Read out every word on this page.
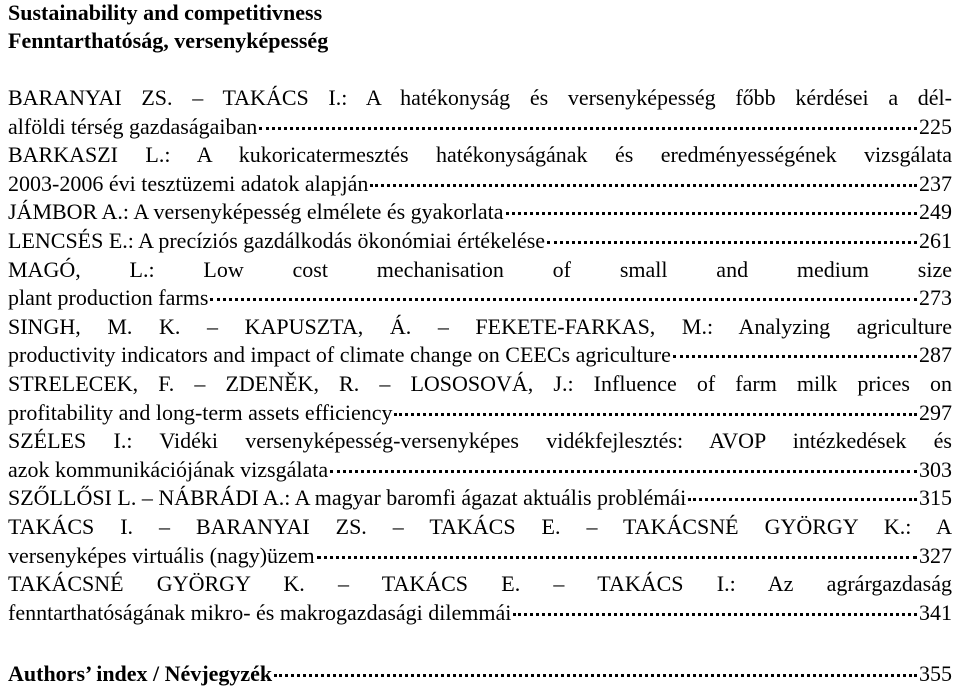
Sustainability and competitivness
Fenntarthatóság, versenyképesség
BARANYAI ZS. – TAKÁCS I.: A hatékonyság és versenyképesség főbb kérdései a dél-
alföldi térség gazdaságaiban	225
BARKASZI L.: A kukoricatermesztés hatékonyságának és eredményességének vizsgálata
2003-2006 évi tesztüzemi adatok alapján	237
JÁMBOR A.: A versenyképesség elmélete és gyakorlata	249
LENCSÉS E.: A precíziós gazdálkodás ökonómiai értékelése	261
MAGÓ, L.: Low cost mechanisation of small and medium size
plant production farms	273
SINGH, M. K. – KAPUSZTA, Á. – FEKETE-FARKAS, M.: Analyzing agriculture
productivity indicators and impact of climate change on CEECs agriculture	287
STRELECEK, F. – ZDENĚK, R. – LOSOSOVÁ, J.: Influence of farm milk prices on
profitability and long-term assets efficiency	297
SZÉLES I.: Vidéki versenyképesség-versenyképes vidékfejlesztés: AVOP intézkedések és
azok kommunikációjának vizsgálata	303
SZŐLLŐSI L. – NÁBRÁDI A.: A magyar baromfi ágazat aktuális problémái	315
TAKÁCS I. – BARANYAI ZS. – TAKÁCS E. – TAKÁCSNÉ GYÖRGY K.: A
versenyképes virtuális (nagy)üzem	327
TAKÁCSNÉ GYÖRGY K. – TAKÁCS E. – TAKÁCS I.: Az agrárgazdaság
fenntarthatóságának mikro- és makrogazdasági dilemmái	341
Authors’ index / Névjegyzék	355
